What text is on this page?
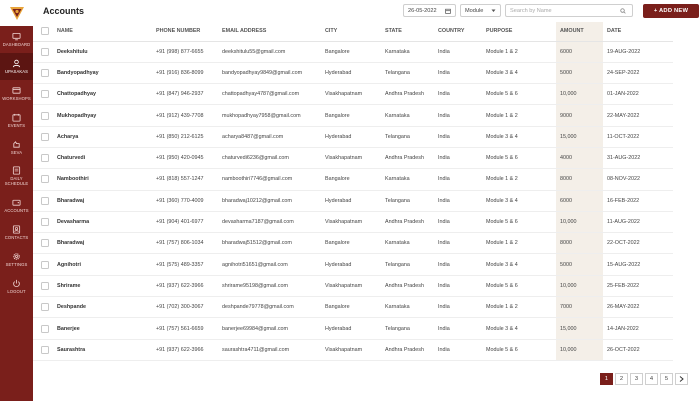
DASHBOARD
UPASAKAS
WORKSHOPS
EVENTS
SEVA
DAILY SCHEDULE
ACCOUNTS
CONTACTS
SETTINGS
LOGOUT
Accounts	26-05-2022	Module
Search by Name	+ ADD NEW
	NAME	PHONE NUMBER	EMAIL ADDRESS	CITY	STATE	COUNTRY	PURPOSE	AMOUNT	DATE
	Deekshitulu	+91 (998) 877-6655	deekshitulu55@gmail.com	Bangalore	Karnataka	India	Module 1 & 2	6000	19-AUG-2022
	Bandyopadhyay	+91 (916) 836-8099	bandyopadhyay9849@gmail.com	Hyderabad	Telangana	India	Module 3 & 4	5000	24-SEP-2022
	Chattopadhyay	+91 (847) 946-2937	chattopadhyay4787@gmail.com	Visakhapatnam	Andhra Pradesh	India	Module 5 & 6	10,000	01-JAN-2022
	Mukhopadhyay	+91 (912) 439-7708	mukhopadhyay7958@gmail.com	Bangalore	Karnataka	India	Module 1 & 2	9000	22-MAY-2022
	Acharya	+91 (850) 212-6125	acharya8487@gmail.com	Hyderabad	Telangana	India	Module 3 & 4	15,000	11-OCT-2022
	Chaturvedi	+91 (950) 420-0945	chaturvedi6236@gmail.com	Visakhapatnam	Andhra Pradesh	India	Module 5 & 6	4000	31-AUG-2022
	Namboothiri	+91 (818) 557-1247	namboothiri7746@gmail.com	Bangalore	Karnataka	India	Module 1 & 2	8000	08-NOV-2022
	Bharadwaj	+91 (360) 770-4009	bharadwaj10212@gmail.com	Hyderabad	Telangana	India	Module 3 & 4	6000	16-FEB-2022
	Devasharma	+91 (904) 401-6977	devasharma7187@gmail.com	Visakhapatnam	Andhra Pradesh	India	Module 5 & 6	10,000	11-AUG-2022
	Bharadwaj	+91 (757) 806-1034	bharadwaj51512@gmail.com	Bangalore	Karnataka	India	Module 1 & 2	8000	22-OCT-2022
	Agnihotri	+91 (575) 489-3357	agnihotri51651@gmail.com	Hyderabad	Telangana	India	Module 3 & 4	5000	15-AUG-2022
	Shrirame	+91 (937) 622-3966	shrirame95198@gmail.com	Visakhapatnam	Andhra Pradesh	India	Module 5 & 6	10,000	25-FEB-2022
	Deshpande	+91 (702) 300-3067	deshpande79778@gmail.com	Bangalore	Karnataka	India	Module 1 & 2	7000	26-MAY-2022
	Banerjee	+91 (757) 561-6659	banerjee69984@gmail.com	Hyderabad	Telangana	India	Module 3 & 4	15,000	14-JAN-2022
	Saurashtra	+91 (937) 622-3966	saurashtra4711@gmail.com	Visakhapatnam	Andhra Pradesh	India	Module 5 & 6	10,000	26-OCT-2022
1	2	3	4	5
